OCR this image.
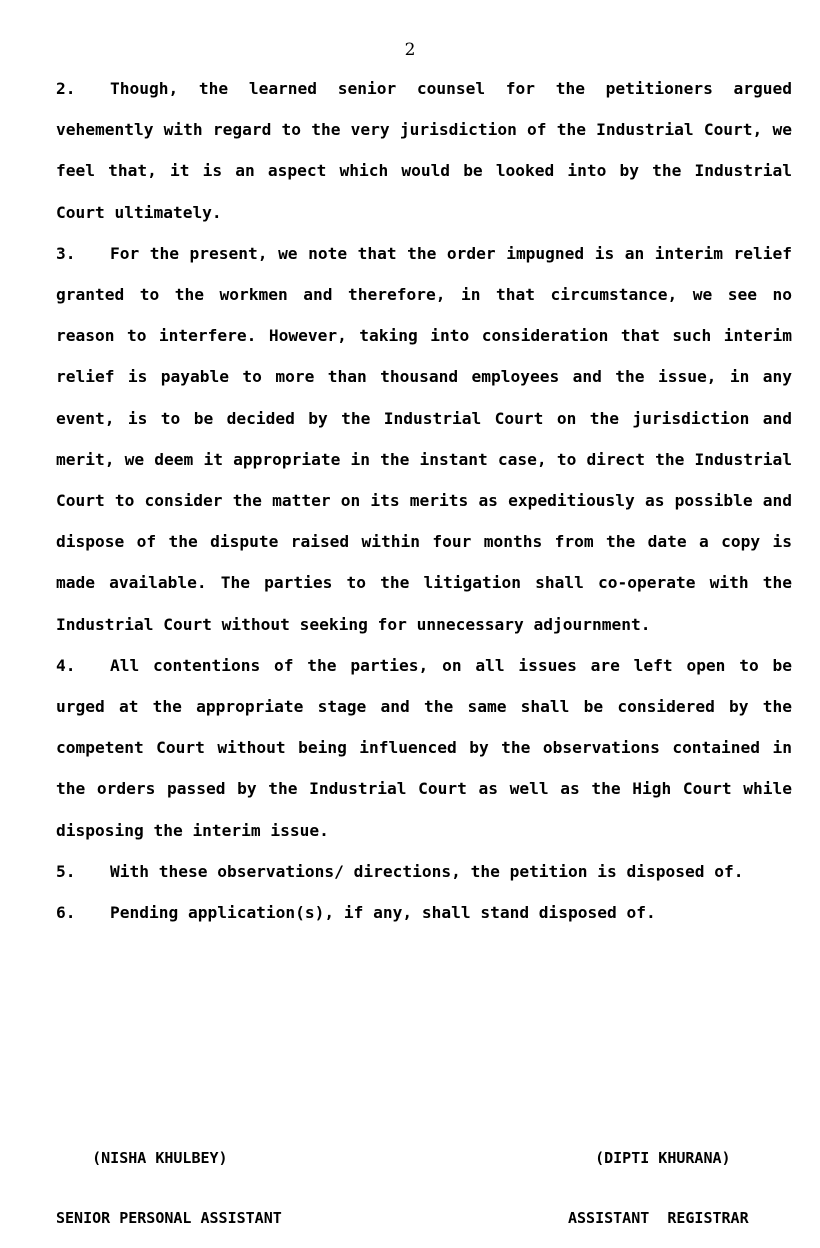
2

2. Though, the learned senior counsel for the petitioners argued vehemently with regard to the very jurisdiction of the Industrial Court, we feel that, it is an aspect which would be looked into by the Industrial Court ultimately.

3. For the present, we note that the order impugned is an interim relief granted to the workmen and therefore, in that circumstance, we see no reason to interfere. However, taking into consideration that such interim relief is payable to more than thousand employees and the issue, in any event, is to be decided by the Industrial Court on the jurisdiction and merit, we deem it appropriate in the instant case, to direct the Industrial Court to consider the matter on its merits as expeditiously as possible and dispose of the dispute raised within four months from the date a copy is made available. The parties to the litigation shall co-operate with the Industrial Court without seeking for unnecessary adjournment.

4. All contentions of the parties, on all issues are left open to be urged at the appropriate stage and the same shall be considered by the competent Court without being influenced by the observations contained in the orders passed by the Industrial Court as well as the High Court while disposing the interim issue.

5. With these observations/ directions, the petition is disposed of.

6. Pending application(s), if any, shall stand disposed of.

(NISHA KHULBEY)

SENIOR PERSONAL ASSISTANT

(DIPTI KHURANA)

ASSISTANT  REGISTRAR
